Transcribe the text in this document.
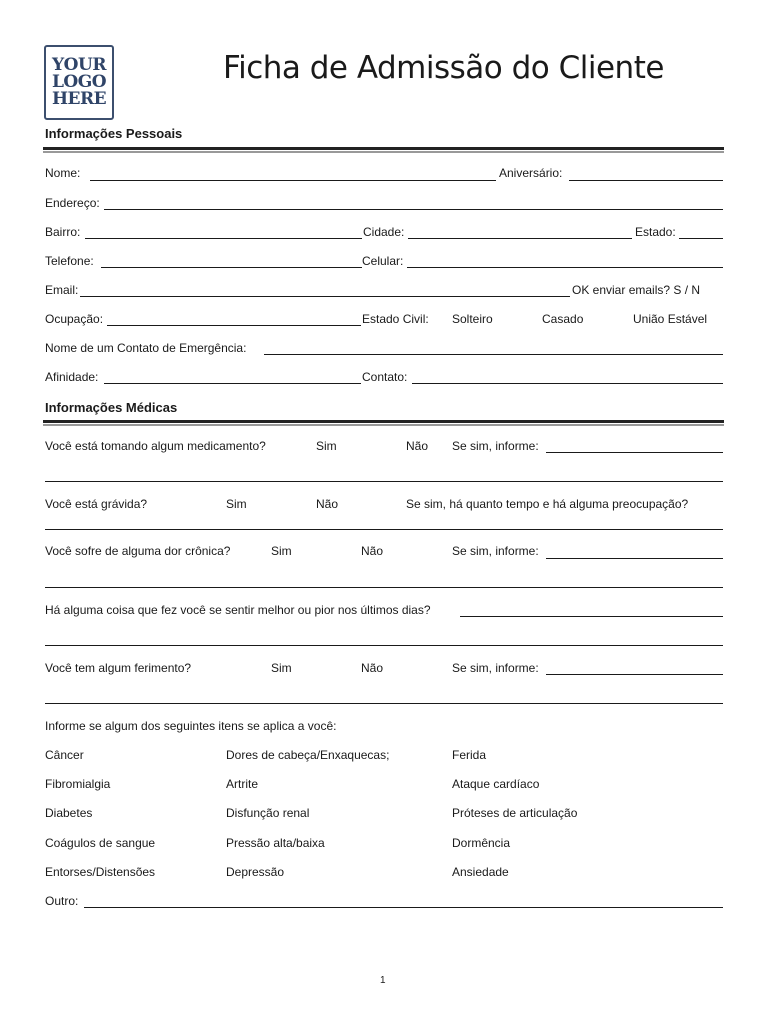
YOUR
LOGO
HERE
Ficha de Admissão do Cliente
Informações Pessoais
Nome:	Aniversário:
Endereço:
Bairro:	Cidade:	Estado:
Telefone:	Celular:
Email:	OK enviar emails? S / N
Ocupação:	Estado Civil: Solteiro	Casado	União Estável
Nome de um Contato de Emergência:
Afinidade:	Contato:
Informações Médicas
Você está tomando algum medicamento?	Sim	Não Se sim, informe:
Você está grávida?	Sim	Não	Se sim, há quanto tempo e há alguma preocupação?
Você sofre de alguma dor crônica?	Sim	Não	Se sim, informe:
Há alguma coisa que fez você se sentir melhor ou pior nos últimos dias?
Você tem algum ferimento?	Sim	Não	Se sim, informe:
Informe se algum dos seguintes itens se aplica a você:
Câncer	Dores de cabeça/Enxaquecas;	Ferida
Fibromialgia	Artrite	Ataque cardíaco
Diabetes	Disfunção renal	Próteses de articulação
Coágulos de sangue	Pressão alta/baixa	Dormência
Entorses/Distensões	Depressão	Ansiedade
Outro:
1
